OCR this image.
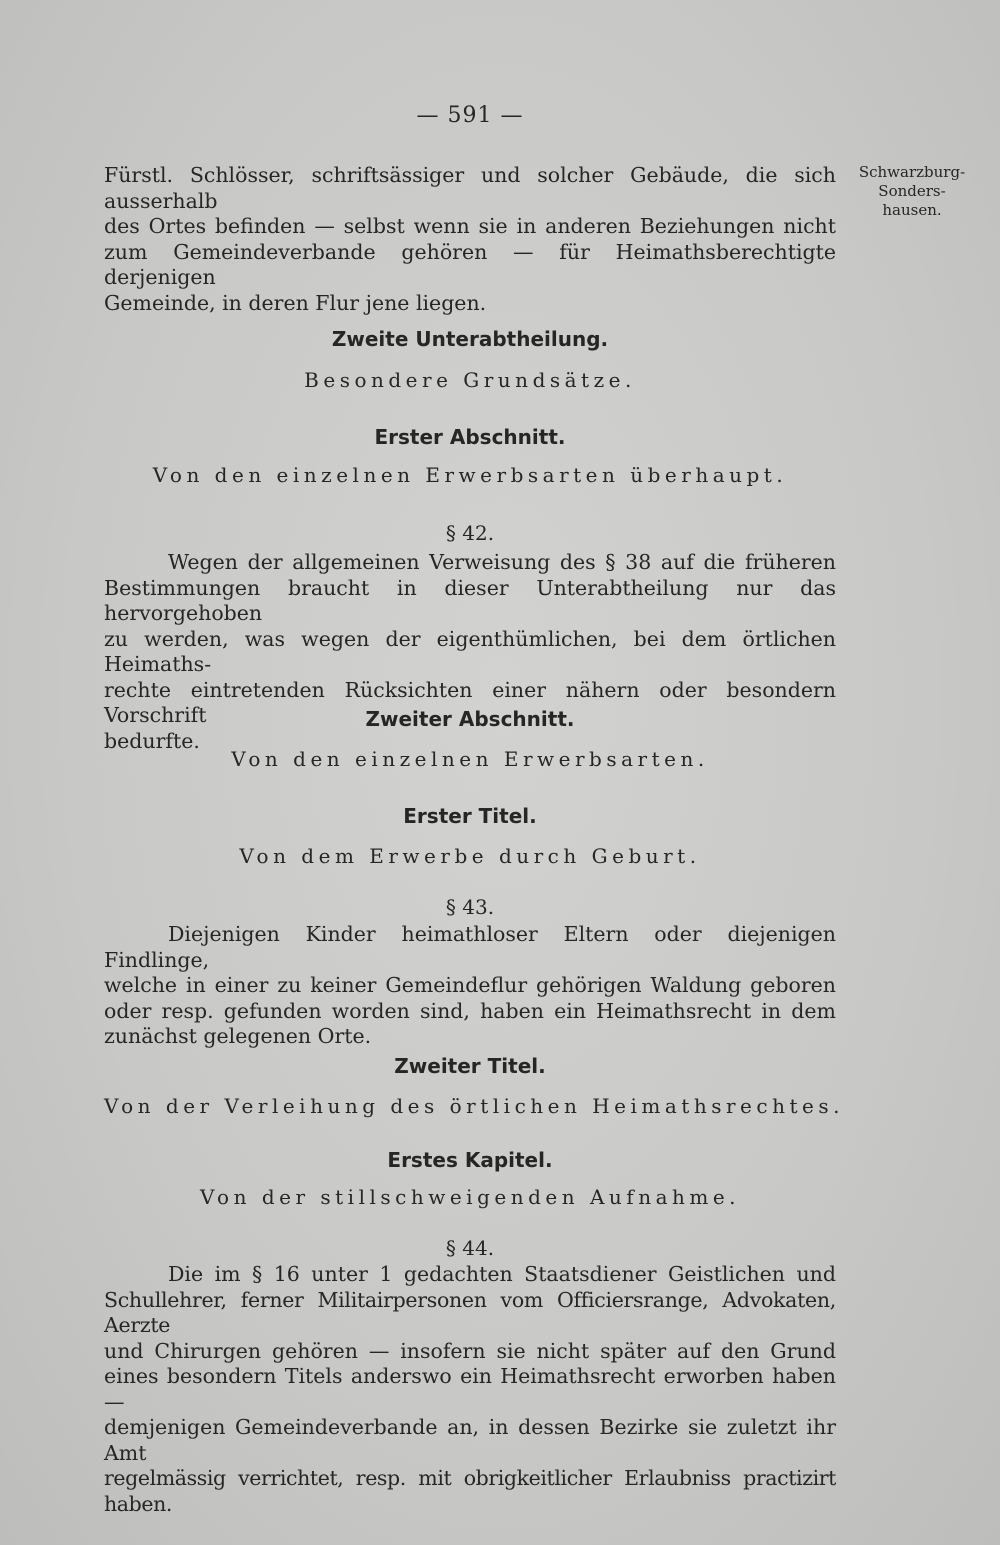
— 591 —
Schwarzburg-
Sonders-
hausen.
Fürstl. Schlösser, schriftsässiger und solcher Gebäude, die sich ausserhalb
des Ortes befinden — selbst wenn sie in anderen Beziehungen nicht
zum Gemeindeverbande gehören — für Heimathsberechtigte derjenigen
Gemeinde, in deren Flur jene liegen.
Zweite Unterabtheilung.
Besondere Grundsätze.
Erster Abschnitt.
Von den einzelnen Erwerbsarten überhaupt.
§ 42.
Wegen der allgemeinen Verweisung des § 38 auf die früheren
Bestimmungen braucht in dieser Unterabtheilung nur das hervorgehoben
zu werden, was wegen der eigenthümlichen, bei dem örtlichen Heimaths-
rechte eintretenden Rücksichten einer nähern oder besondern Vorschrift
bedurfte.
Zweiter Abschnitt.
Von den einzelnen Erwerbsarten.
Erster Titel.
Von dem Erwerbe durch Geburt.
§ 43.
Diejenigen Kinder heimathloser Eltern oder diejenigen Findlinge,
welche in einer zu keiner Gemeindeflur gehörigen Waldung geboren
oder resp. gefunden worden sind, haben ein Heimathsrecht in dem
zunächst gelegenen Orte.
Zweiter Titel.
Von der Verleihung des örtlichen Heimathsrechtes.
Erstes Kapitel.
Von der stillschweigenden Aufnahme.
§ 44.
Die im § 16 unter 1 gedachten Staatsdiener Geistlichen und
Schullehrer, ferner Militairpersonen vom Officiersrange, Advokaten, Aerzte
und Chirurgen gehören — insofern sie nicht später auf den Grund
eines besondern Titels anderswo ein Heimathsrecht erworben haben —
demjenigen Gemeindeverbande an, in dessen Bezirke sie zuletzt ihr Amt
regelmässig verrichtet, resp. mit obrigkeitlicher Erlaubniss practizirt haben.
